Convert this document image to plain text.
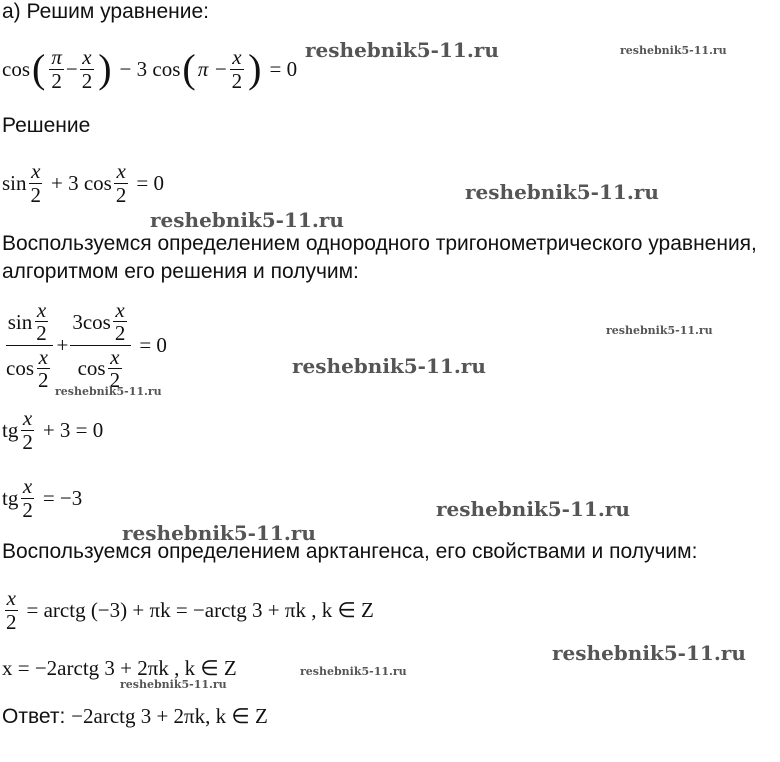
а) Решим уравнение:
cos ( $\frac{\pi}{2} - \frac{x}{2}$ ) − 3 cos ( $\pi - \frac{x}{2}$ ) = 0
Решение
$\sin \frac{x}{2} + 3$ $\cos \frac{x}{2} = 0$
Воспользуемся определением однородного тригонометрического уравнения,
алгоритмом его решения и получим:
$\frac{\sin \frac{x}{2}}{\cos \frac{x}{2}} + \frac{3\cos \frac{x}{2}}{\cos \frac{x}{2}} = 0$
tg $\frac{x}{2} + 3 = 0$
tg $\frac{x}{2} = -3$
Воспользуемся определением арктангенса, его свойствами и получим:
$\frac{x}{2}$ = arctg (−3) + πk = −arctg 3 + πk , k ∈ Z
x = −2arctg 3 + 2πk , k ∈ Z
Ответ: −2arctg 3 + 2πk, k ∈ Z
reshebnik5-11.ru	reshebnik5-11.ru
reshebnik5-11.ru
reshebnik5-11.ru
reshebnik5-11.ru
reshebnik5-11.ru
reshebnik5-11.ru
reshebnik5-11.ru
reshebnik5-11.ru
reshebnik5-11.ru
reshebnik5-11.ru
reshebnik5-11.ru
